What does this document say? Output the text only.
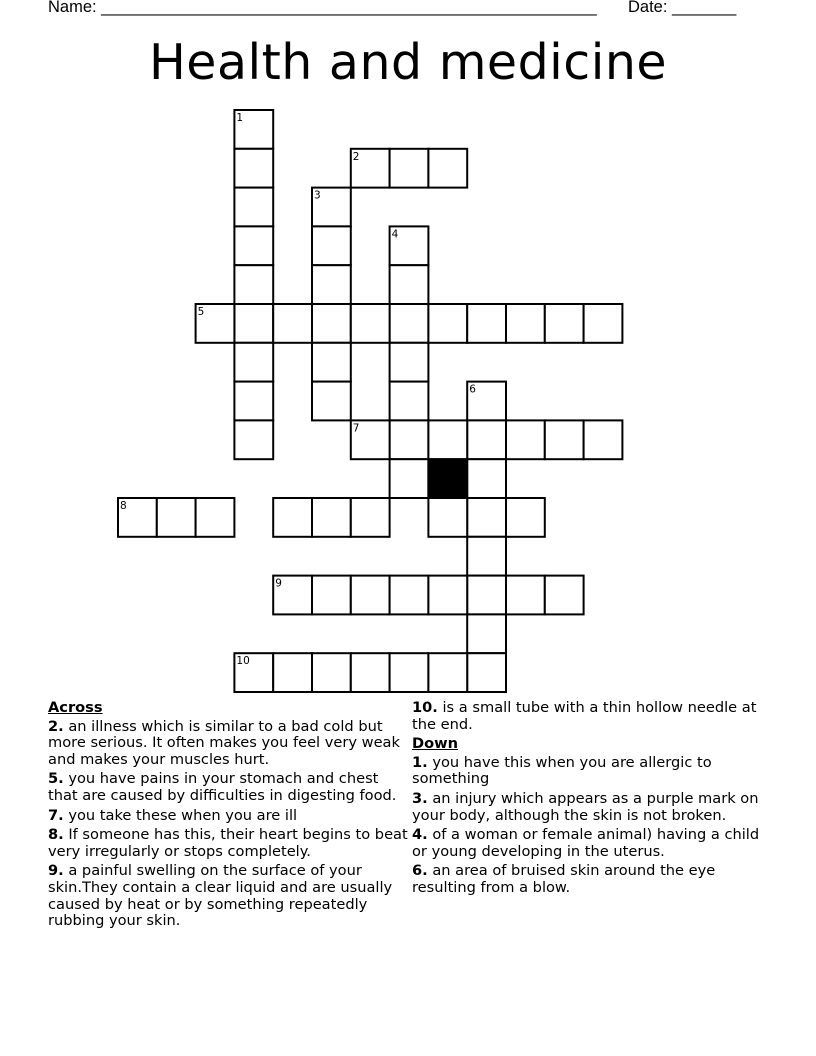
Name: ______________________________________________________ Date: _______
Health and medicine
1
2
3
4
5
6
7
8
9
10
Across
2. an illness which is similar to a bad cold but more serious. It often makes you feel very weak and makes your muscles hurt.
5. you have pains in your stomach and chest that are caused by difficulties in digesting food.
7. you take these when you are ill
8. If someone has this, their heart begins to beat very irregularly or stops completely.
9. a painful swelling on the surface of your skin.They contain a clear liquid and are usually caused by heat or by something repeatedly rubbing your skin.
10. is a small tube with a thin hollow needle at the end.
Down
1. you have this when you are allergic to something
3. an injury which appears as a purple mark on your body, although the skin is not broken.
4. of a woman or female animal) having a child or young developing in the uterus.
6. an area of bruised skin around the eye resulting from a blow.
